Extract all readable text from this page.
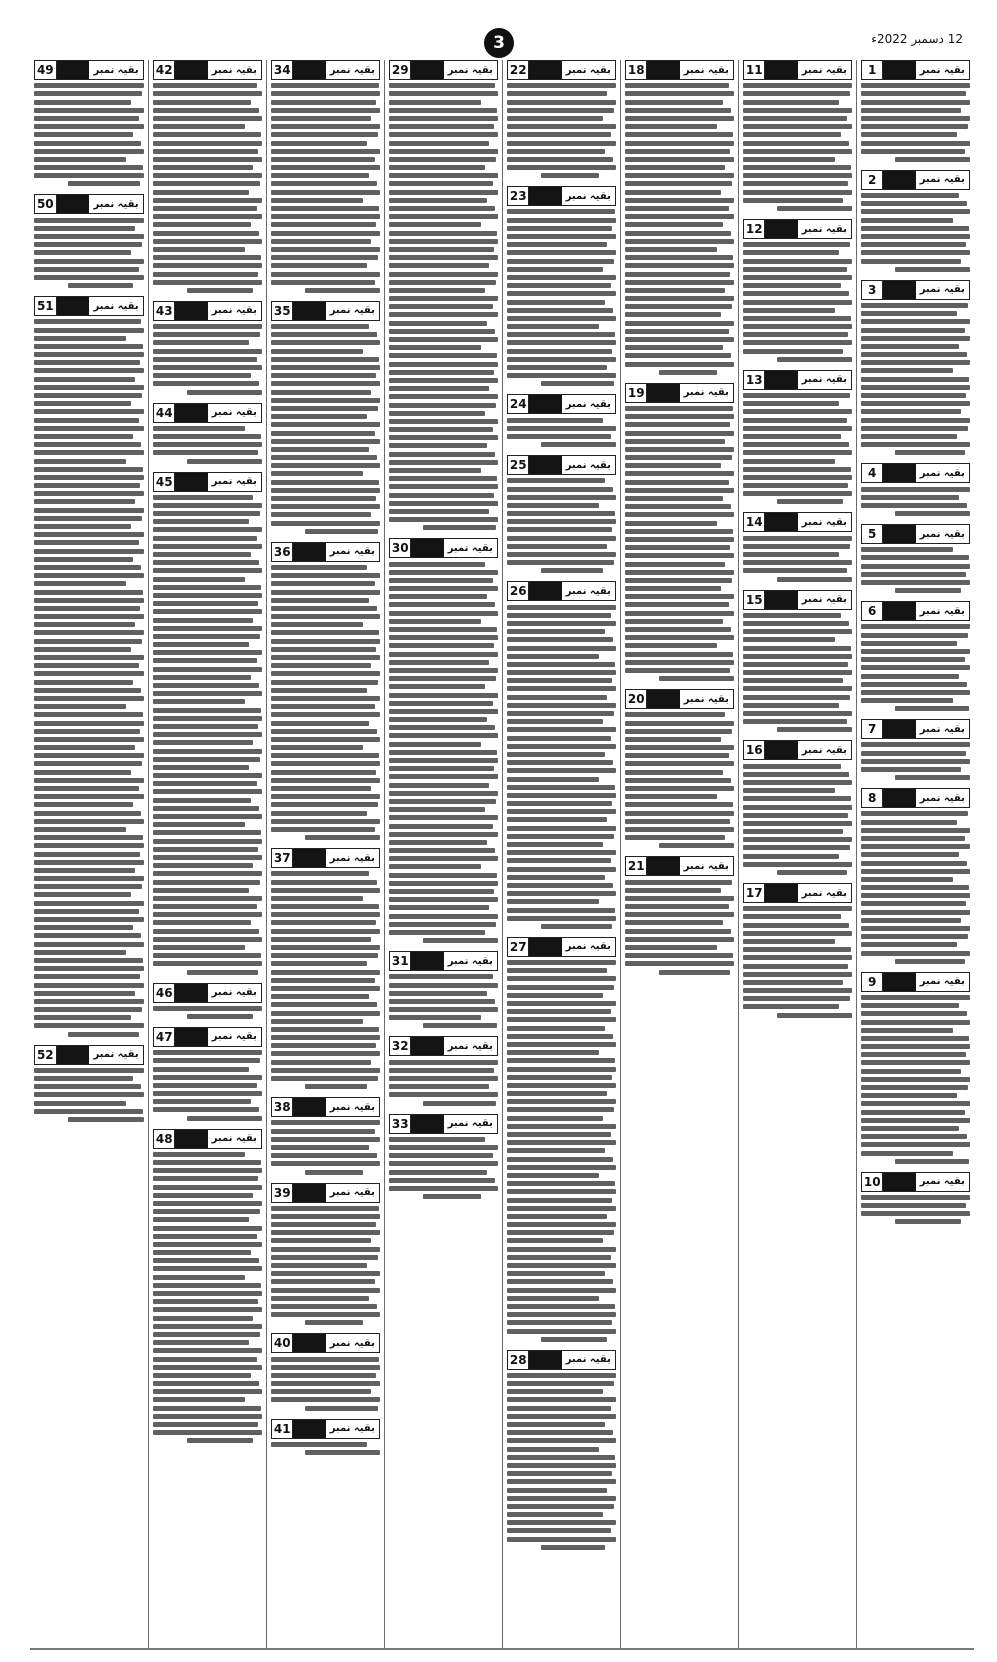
3	12 دسمبر 2022ء
بقیہ نمبر
1
بقیہ نمبر
2
بقیہ نمبر
3
بقیہ نمبر
4
بقیہ نمبر
5
بقیہ نمبر
6
بقیہ نمبر
7
بقیہ نمبر
8
بقیہ نمبر
9
بقیہ نمبر
10
بقیہ نمبر
11
بقیہ نمبر
12
بقیہ نمبر
13
بقیہ نمبر
14
بقیہ نمبر
15
بقیہ نمبر
16
بقیہ نمبر
17
بقیہ نمبر
18
بقیہ نمبر
19
بقیہ نمبر
20
بقیہ نمبر
21
بقیہ نمبر
22
بقیہ نمبر
23
بقیہ نمبر
24
بقیہ نمبر
25
بقیہ نمبر
26
بقیہ نمبر
27
بقیہ نمبر
28
بقیہ نمبر
29
بقیہ نمبر
30
بقیہ نمبر
31
بقیہ نمبر
32
بقیہ نمبر
33
بقیہ نمبر
34
بقیہ نمبر
35
بقیہ نمبر
36
بقیہ نمبر
37
بقیہ نمبر
38
بقیہ نمبر
39
بقیہ نمبر
40
بقیہ نمبر
41
بقیہ نمبر
42
بقیہ نمبر
43
بقیہ نمبر
44
بقیہ نمبر
45
بقیہ نمبر
46
بقیہ نمبر
47
بقیہ نمبر
48
بقیہ نمبر
49
بقیہ نمبر
50
بقیہ نمبر
51
بقیہ نمبر
52
